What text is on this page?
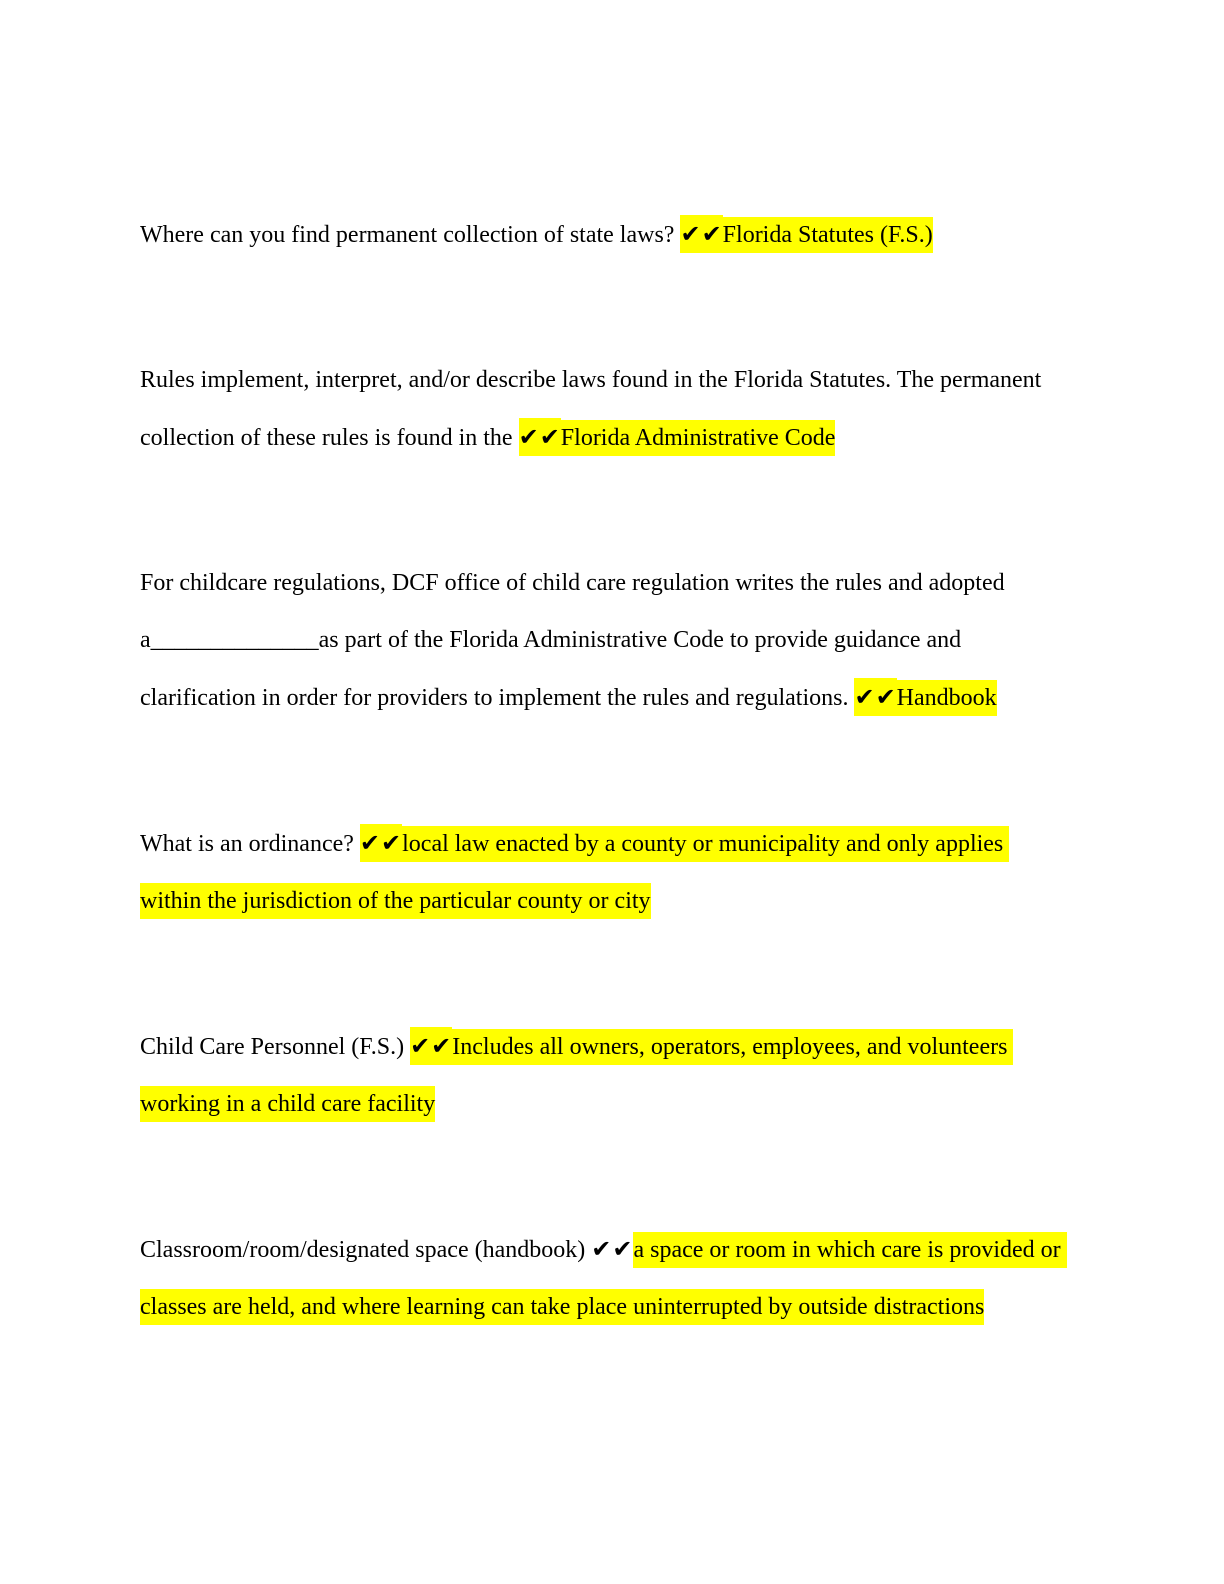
Where can you find permanent collection of state laws? ✔✔Florida Statutes (F.S.)

Rules implement, interpret, and/or describe laws found in the Florida Statutes. The permanent collection of these rules is found in the ✔✔Florida Administrative Code

For childcare regulations, DCF office of child care regulation writes the rules and adopted a______________as part of the Florida Administrative Code to provide guidance and clarification in order for providers to implement the rules and regulations. ✔✔Handbook

What is an ordinance? ✔✔local law enacted by a county or municipality and only applies within the jurisdiction of the particular county or city

Child Care Personnel (F.S.) ✔✔Includes all owners, operators, employees, and volunteers working in a child care facility

Classroom/room/designated space (handbook) ✔✔a space or room in which care is provided or classes are held, and where learning can take place uninterrupted by outside distractions
